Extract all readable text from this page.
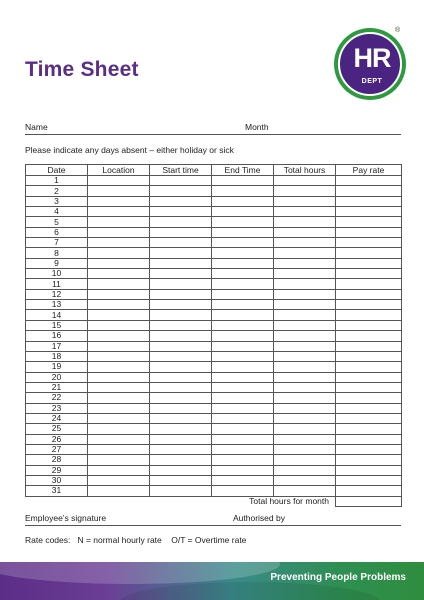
Time Sheet	HR
DEPT
®
Name	Month
Please indicate any days absent – either holiday or sick
Date	Location	Start time	End Time	Total hours	Pay rate
1					
2					
3					
4					
5					
6					
7					
8					
9					
10					
11					
12					
13					
14					
15					
16					
17					
18					
19					
20					
21					
22					
23					
24					
25					
26					
27					
28					
29					
30					
31					
Total hours for month					
Employee’s signature	Authorised by
Rate codes:   N = normal hourly rate    O/T = Overtime rate
Preventing People Problems
